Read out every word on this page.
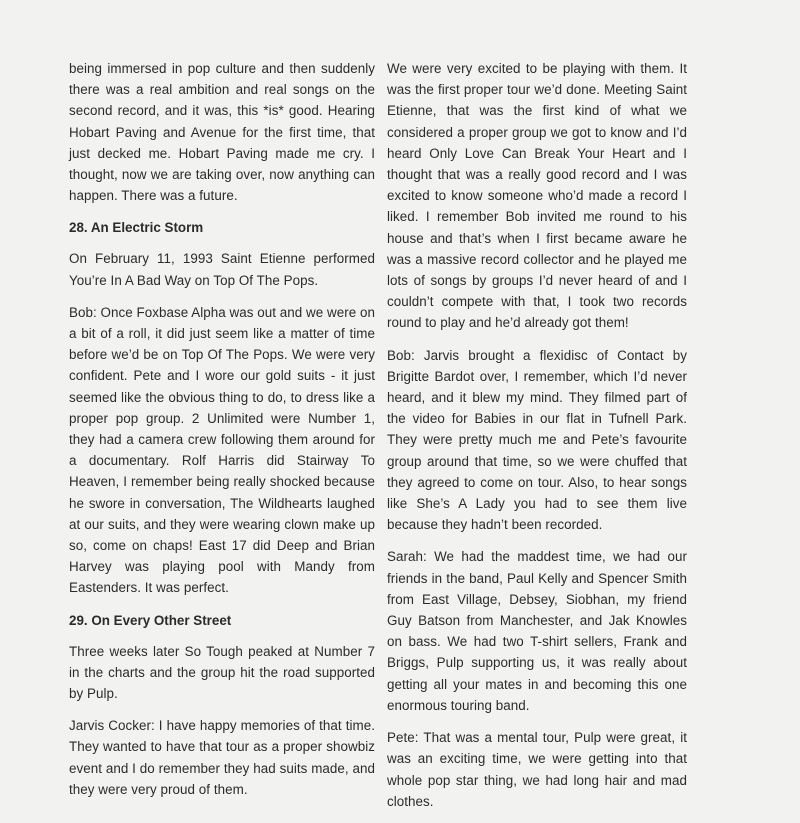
being immersed in pop culture and then suddenly there was a real ambition and real songs on the second record, and it was, this *is* good. Hearing Hobart Paving and Avenue for the first time, that just decked me. Hobart Paving made me cry. I thought, now we are taking over, now anything can happen. There was a future.

28. An Electric Storm

On February 11, 1993 Saint Etienne performed You’re In A Bad Way on Top Of The Pops.

Bob: Once Foxbase Alpha was out and we were on a bit of a roll, it did just seem like a matter of time before we’d be on Top Of The Pops. We were very confident. Pete and I wore our gold suits - it just seemed like the obvious thing to do, to dress like a proper pop group. 2 Unlimited were Number 1, they had a camera crew following them around for a documentary. Rolf Harris did Stairway To Heaven, I remember being really shocked because he swore in conversation, The Wildhearts laughed at our suits, and they were wearing clown make up so, come on chaps! East 17 did Deep and Brian Harvey was playing pool with Mandy from Eastenders. It was perfect.

29. On Every Other Street

Three weeks later So Tough peaked at Number 7 in the charts and the group hit the road supported by Pulp.

Jarvis Cocker: I have happy memories of that time. They wanted to have that tour as a proper showbiz event and I do remember they had suits made, and they were very proud of them.

We were very excited to be playing with them. It was the first proper tour we’d done. Meeting Saint Etienne, that was the first kind of what we considered a proper group we got to know and I’d heard Only Love Can Break Your Heart and I thought that was a really good record and I was excited to know someone who’d made a record I liked. I remember Bob invited me round to his house and that’s when I first became aware he was a massive record collector and he played me lots of songs by groups I’d never heard of and I couldn’t compete with that, I took two records round to play and he’d already got them!

Bob: Jarvis brought a flexidisc of Contact by Brigitte Bardot over, I remember, which I’d never heard, and it blew my mind. They filmed part of the video for Babies in our flat in Tufnell Park. They were pretty much me and Pete’s favourite group around that time, so we were chuffed that they agreed to come on tour. Also, to hear songs like She’s A Lady you had to see them live because they hadn’t been recorded.

Sarah: We had the maddest time, we had our friends in the band, Paul Kelly and Spencer Smith from East Village, Debsey, Siobhan, my friend Guy Batson from Manchester, and Jak Knowles on bass. We had two T-shirt sellers, Frank and Briggs, Pulp supporting us, it was really about getting all your mates in and becoming this one enormous touring band.

Pete: That was a mental tour, Pulp were great, it was an exciting time, we were getting into that whole pop star thing, we had long hair and mad clothes.
